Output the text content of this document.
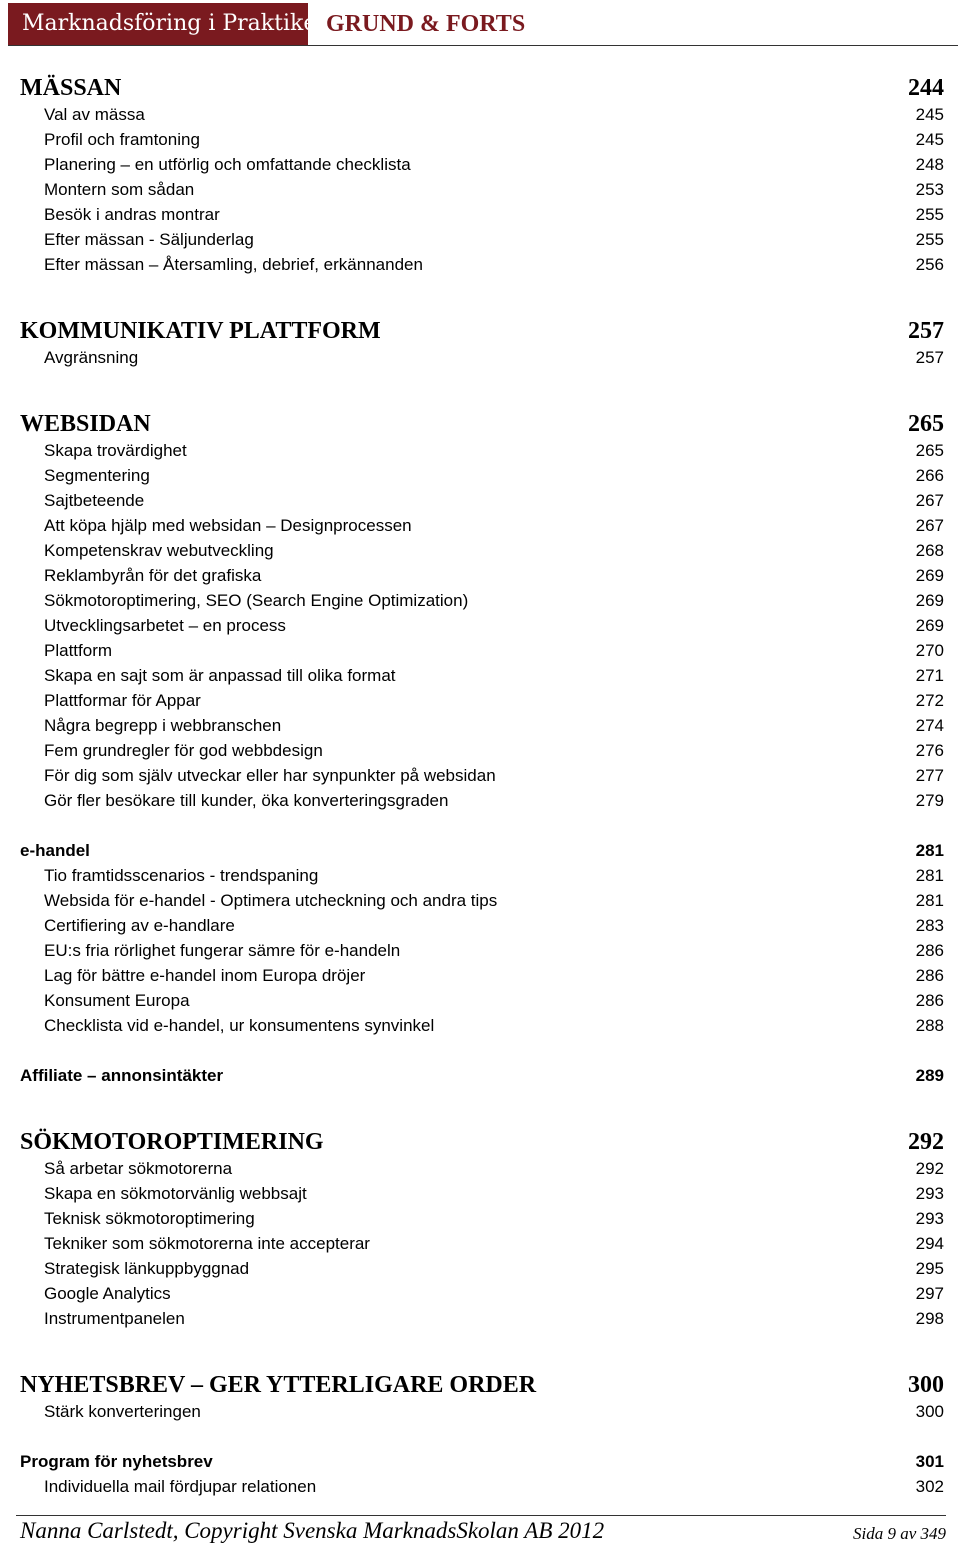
Marknadsföring i Praktiken
GRUND & FORTS
MÄSSAN	244
Val av mässa	245
Profil och framtoning	245
Planering – en utförlig och omfattande checklista	248
Montern som sådan	253
Besök i andras montrar	255
Efter mässan - Säljunderlag	255
Efter mässan – Återsamling, debrief, erkännanden	256
KOMMUNIKATIV PLATTFORM	257
Avgränsning	257
WEBSIDAN	265
Skapa trovärdighet	265
Segmentering	266
Sajtbeteende	267
Att köpa hjälp med websidan – Designprocessen	267
Kompetenskrav webutveckling	268
Reklambyrån för det grafiska	269
Sökmotoroptimering, SEO (Search Engine Optimization)	269
Utvecklingsarbetet – en process	269
Plattform	270
Skapa en sajt som är anpassad till olika format	271
Plattformar för Appar	272
Några begrepp i webbranschen	274
Fem grundregler för god webbdesign	276
För dig som själv utveckar eller har synpunkter på websidan	277
Gör fler besökare till kunder, öka konverteringsgraden	279
e-handel	281
Tio framtidsscenarios - trendspaning	281
Websida för e-handel - Optimera utcheckning och andra tips	281
Certifiering av e-handlare	283
EU:s fria rörlighet fungerar sämre för e-handeln	286
Lag för bättre e-handel inom Europa dröjer	286
Konsument Europa	286
Checklista vid e-handel, ur konsumentens synvinkel	288
Affiliate – annonsintäkter	289
SÖKMOTOROPTIMERING	292
Så arbetar sökmotorerna	292
Skapa en sökmotorvänlig webbsajt	293
Teknisk sökmotoroptimering	293
Tekniker som sökmotorerna inte accepterar	294
Strategisk länkuppbyggnad	295
Google Analytics	297
Instrumentpanelen	298
NYHETSBREV – GER YTTERLIGARE ORDER	300
Stärk konverteringen	300
Program för nyhetsbrev	301
Individuella mail fördjupar relationen	302
Nanna Carlstedt, Copyright Svenska MarknadsSkolan AB 2012	Sida 9 av 349
